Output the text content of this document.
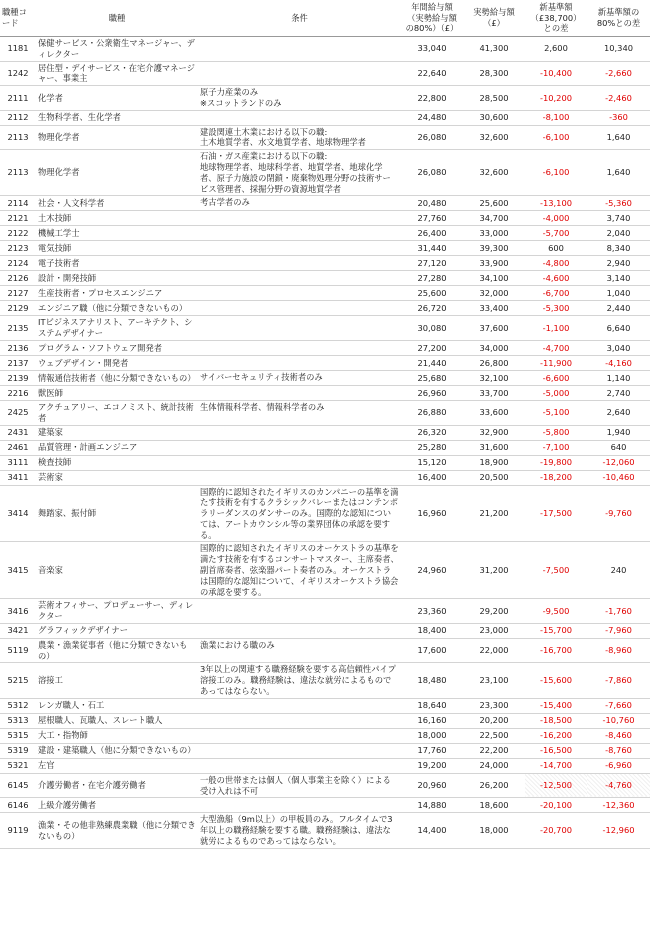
職種コード	職種	条件	年間給与額（実勢給与額の80%）（£）	実勢給与額（£）	新基準額（£38,700）との差	新基準額の80%との差
1181	保健サービス・公衆衛生マネージャー、ディレクター		33,040	41,300	2,600	10,340
1242	居住型・デイサービス・在宅介護マネージャー、事業主		22,640	28,300	-10,400	-2,660
2111	化学者	原子力産業のみ
※スコットランドのみ	22,800	28,500	-10,200	-2,460
2112	生物科学者、生化学者		24,480	30,600	-8,100	-360
2113	物理化学者	建設関連土木業における以下の職:
土木地質学者、水文地質学者、地球物理学者	26,080	32,600	-6,100	1,640
2113	物理化学者	石油・ガス産業における以下の職:
地球物理学者、地球科学者、地質学者、地球化学者、原子力施設の閉鎖・廃棄物処理分野の技術サービス管理者、採掘分野の資源地質学者	26,080	32,600	-6,100	1,640
2114	社会・人文科学者	考古学者のみ	20,480	25,600	-13,100	-5,360
2121	土木技師		27,760	34,700	-4,000	3,740
2122	機械工学士		26,400	33,000	-5,700	2,040
2123	電気技師		31,440	39,300	600	8,340
2124	電子技術者		27,120	33,900	-4,800	2,940
2126	設計・開発技師		27,280	34,100	-4,600	3,140
2127	生産技術者・プロセスエンジニア		25,600	32,000	-6,700	1,040
2129	エンジニア職（他に分類できないもの）		26,720	33,400	-5,300	2,440
2135	ITビジネスアナリスト、アーキテクト、システムデザイナー		30,080	37,600	-1,100	6,640
2136	プログラム・ソフトウェア開発者		27,200	34,000	-4,700	3,040
2137	ウェブデザイン・開発者		21,440	26,800	-11,900	-4,160
2139	情報通信技術者（他に分類できないもの）	サイバーセキュリティ技術者のみ	25,680	32,100	-6,600	1,140
2216	獣医師		26,960	33,700	-5,000	2,740
2425	アクチュアリー、エコノミスト、統計技術者	生体情報科学者、情報科学者のみ	26,880	33,600	-5,100	2,640
2431	建築家		26,320	32,900	-5,800	1,940
2461	品質管理・計画エンジニア		25,280	31,600	-7,100	640
3111	検査技師		15,120	18,900	-19,800	-12,060
3411	芸術家		16,400	20,500	-18,200	-10,460
3414	舞踏家、振付師	国際的に認知されたイギリスのカンパニーの基準を満たす技術を有するクラシックバレーまたはコンテンポラリーダンスのダンサーのみ。国際的な認知については、アートカウンシル等の業界団体の承認を要する。	16,960	21,200	-17,500	-9,760
3415	音楽家	国際的に認知されたイギリスのオーケストラの基準を満たす技術を有するコンサートマスター、主席奏者、副首席奏者、弦楽器パート奏者のみ。オーケストラは国際的な認知について、イギリスオーケストラ協会の承認を要する。	24,960	31,200	-7,500	240
3416	芸術オフィサー、プロデューサー、ディレクター		23,360	29,200	-9,500	-1,760
3421	グラフィックデザイナー		18,400	23,000	-15,700	-7,960
5119	農業・漁業従事者（他に分類できないもの）	漁業における職のみ	17,600	22,000	-16,700	-8,960
5215	溶接工	3年以上の関連する職務経験を要する高信頼性パイプ溶接工のみ。職務経験は、違法な就労によるものであってはならない。	18,480	23,100	-15,600	-7,860
5312	レンガ職人・石工		18,640	23,300	-15,400	-7,660
5313	屋根職人、瓦職人、スレート職人		16,160	20,200	-18,500	-10,760
5315	大工・指物師		18,000	22,500	-16,200	-8,460
5319	建設・建築職人（他に分類できないもの）		17,760	22,200	-16,500	-8,760
5321	左官		19,200	24,000	-14,700	-6,960
6145	介護労働者・在宅介護労働者	一般の世帯または個人（個人事業主を除く）による受け入れは不可	20,960	26,200	-12,500	-4,760
6146	上級介護労働者		14,880	18,600	-20,100	-12,360
9119	漁業・その他非熟練農業職（他に分類できないもの）	大型漁船（9m以上）の甲板員のみ。フルタイムで3年以上の職務経験を要する職。職務経験は、違法な就労によるものであってはならない。	14,400	18,000	-20,700	-12,960
